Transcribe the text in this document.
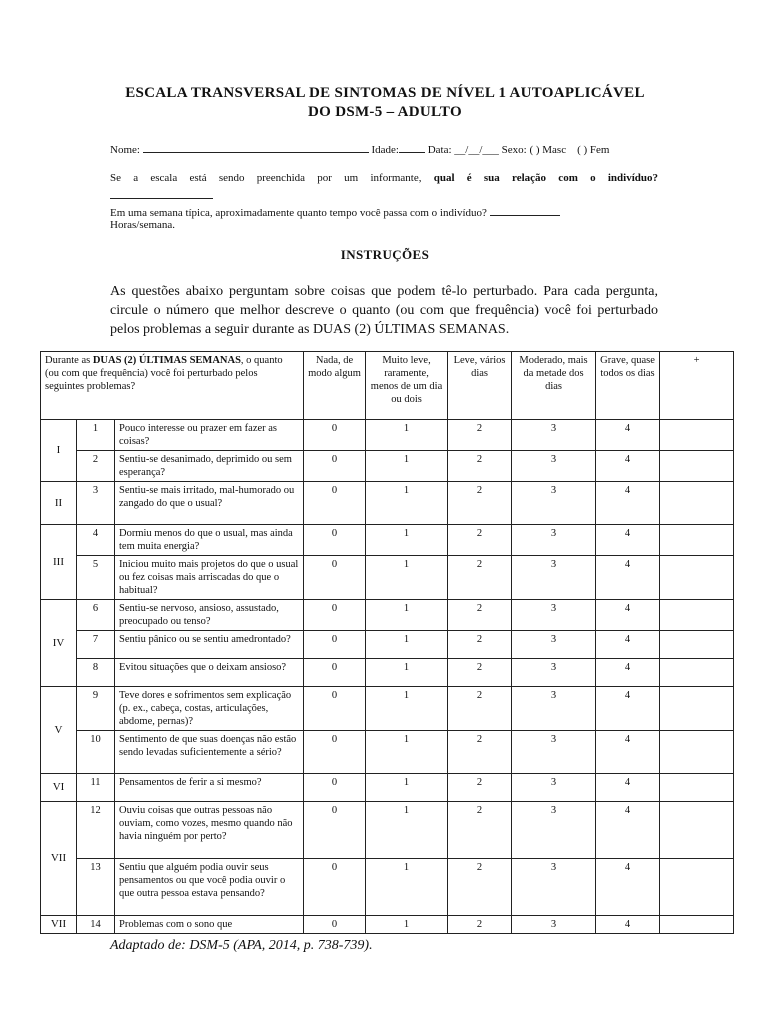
ESCALA TRANSVERSAL DE SINTOMAS DE NÍVEL 1 AUTOAPLICÁVEL
DO DSM-5 – ADULTO
Nome:	Idade:	Data: __/__/___ Sexo: ( ) Masc ( ) Fem
Se a escala está sendo preenchida por um informante, qual é sua relação com o indivíduo?
Em uma semana típica, aproximadamente quanto tempo você passa com o indivíduo?
Horas/semana.
INSTRUÇÕES
As questões abaixo perguntam sobre coisas que podem tê-lo perturbado. Para cada pergunta, circule o número que melhor descreve o quanto (ou com que frequência) você foi perturbado pelos problemas a seguir durante as DUAS (2) ÚLTIMAS SEMANAS.
Durante as DUAS (2) ÚLTIMAS SEMANAS, o quanto (ou com que frequência) você foi perturbado pelos seguintes problemas?			Nada, de modo algum	Muito leve, raramente, menos de um dia ou dois	Leve, vários dias	Moderado, mais da metade dos dias	Grave, quase todos os dias	+
I	1	Pouco interesse ou prazer em fazer as coisas?	0	1	2	3	4	
	2	Sentiu-se desanimado, deprimido ou sem esperança?	0	1	2	3	4	
II	3	Sentiu-se mais irritado, mal-humorado ou zangado do que o usual?	0	1	2	3	4	
III	4	Dormiu menos do que o usual, mas ainda tem muita energia?	0	1	2	3	4	
	5	Iniciou muito mais projetos do que o usual ou fez coisas mais arriscadas do que o habitual?	0	1	2	3	4	
IV	6	Sentiu-se nervoso, ansioso, assustado, preocupado ou tenso?	0	1	2	3	4	
	7	Sentiu pânico ou se sentiu amedrontado?	0	1	2	3	4	
	8	Evitou situações que o deixam ansioso?	0	1	2	3	4	
V	9	Teve dores e sofrimentos sem explicação (p. ex., cabeça, costas, articulações, abdome, pernas)?	0	1	2	3	4	
	10	Sentimento de que suas doenças não estão sendo levadas suficientemente a sério?	0	1	2	3	4	
VI	11	Pensamentos de ferir a si mesmo?	0	1	2	3	4	
VII	12	Ouviu coisas que outras pessoas não ouviam, como vozes, mesmo quando não havia ninguém por perto?	0	1	2	3	4	
	13	Sentiu que alguém podia ouvir seus pensamentos ou que você podia ouvir o que outra pessoa estava pensando?	0	1	2	3	4	
VII	14	Problemas com o sono que	0	1	2	3	4	
Adaptado de: DSM-5 (APA, 2014, p. 738-739).
